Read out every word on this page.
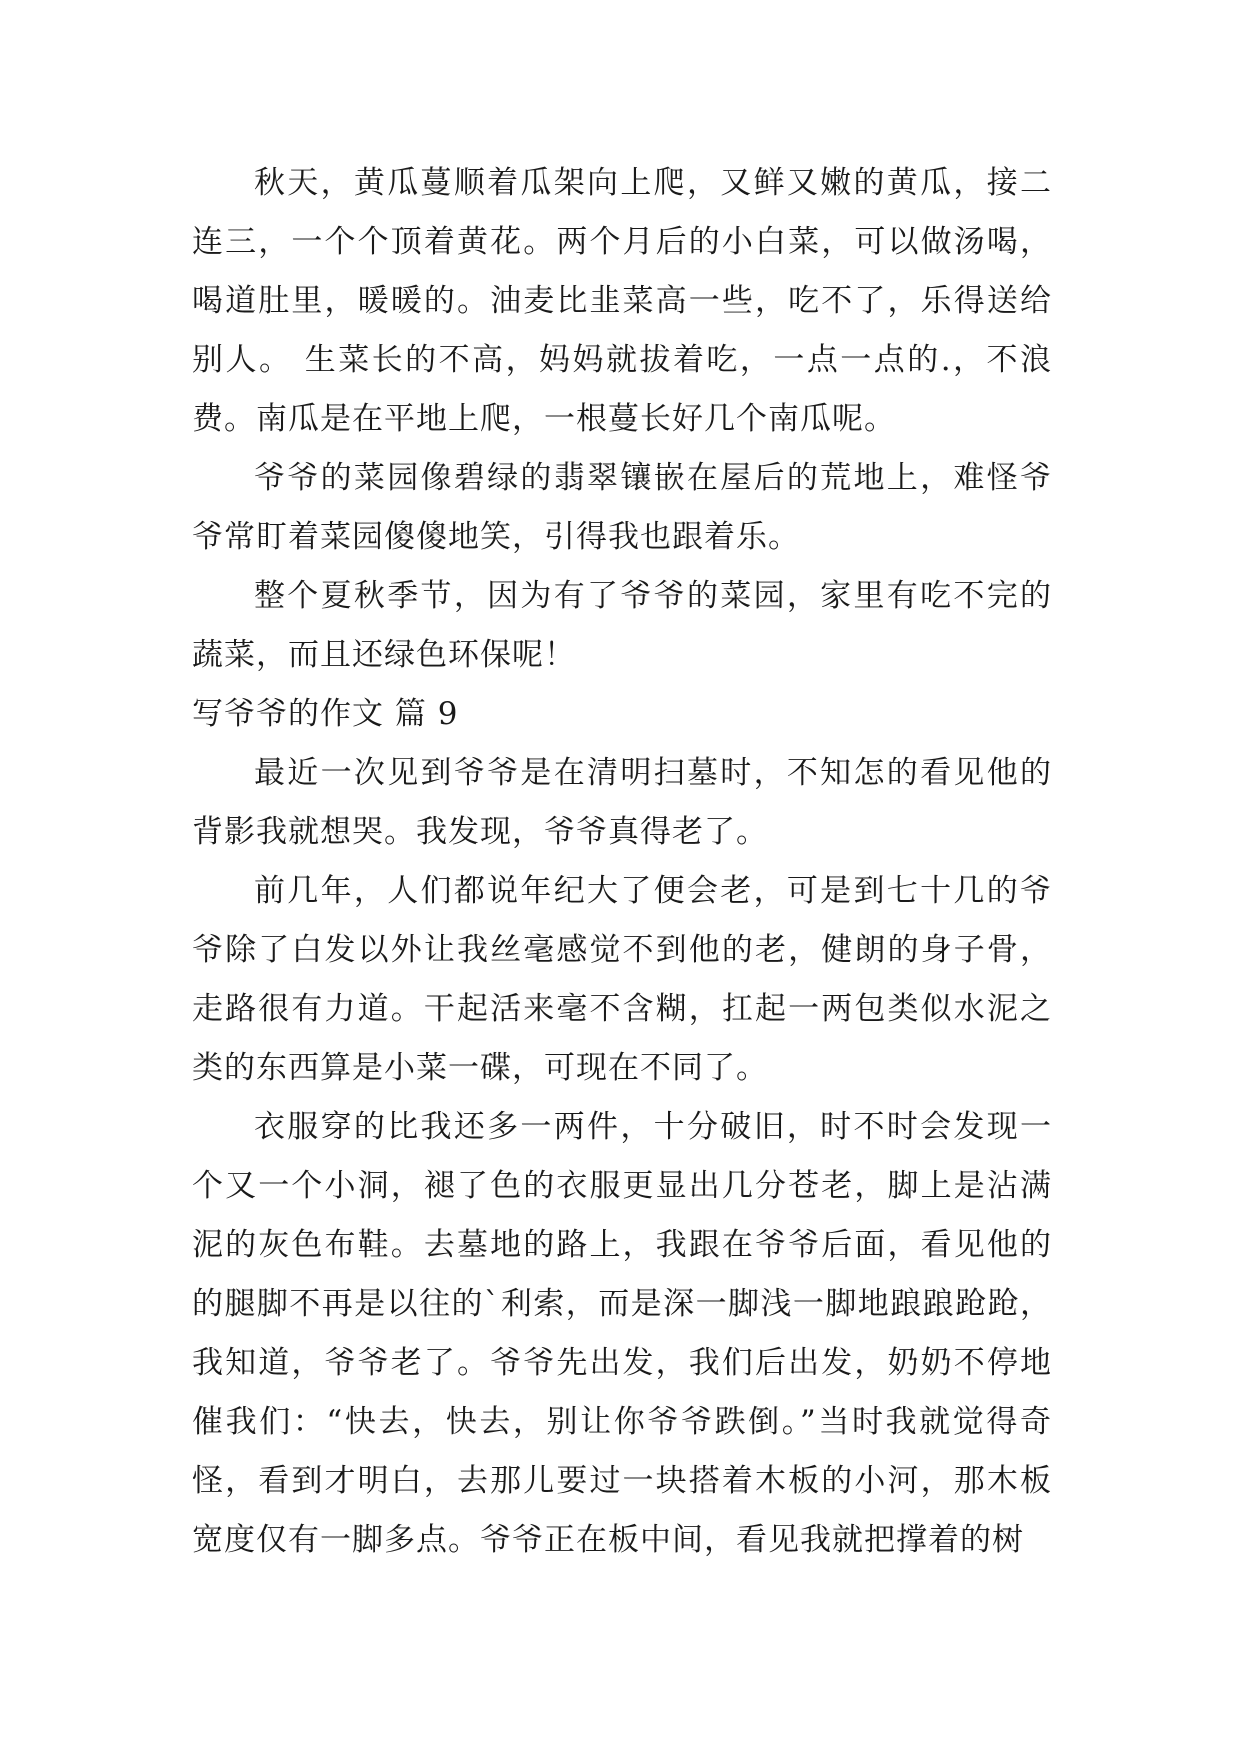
秋天，黄瓜蔓顺着瓜架向上爬，又鲜又嫩的黄瓜，接二连三，一个个顶着黄花。两个月后的小白菜，可以做汤喝，喝道肚里，暖暖的。油麦比韭菜高一些，吃不了，乐得送给别人。 生菜长的不高，妈妈就拔着吃，一点一点的.，不浪费。南瓜是在平地上爬，一根蔓长好几个南瓜呢。

爷爷的菜园像碧绿的翡翠镶嵌在屋后的荒地上，难怪爷爷常盯着菜园傻傻地笑，引得我也跟着乐。

整个夏秋季节，因为有了爷爷的菜园，家里有吃不完的蔬菜，而且还绿色环保呢！

写爷爷的作文 篇 9

最近一次见到爷爷是在清明扫墓时，不知怎的看见他的背影我就想哭。我发现，爷爷真得老了。

前几年，人们都说年纪大了便会老，可是到七十几的爷爷除了白发以外让我丝毫感觉不到他的老，健朗的身子骨，走路很有力道。干起活来毫不含糊，扛起一两包类似水泥之类的东西算是小菜一碟，可现在不同了。

衣服穿的比我还多一两件，十分破旧，时不时会发现一个又一个小洞，褪了色的衣服更显出几分苍老，脚上是沾满泥的灰色布鞋。去墓地的路上，我跟在爷爷后面，看见他的的腿脚不再是以往的`利索，而是深一脚浅一脚地踉踉跄跄，我知道，爷爷老了。爷爷先出发，我们后出发，奶奶不停地催我们：“快去，快去，别让你爷爷跌倒。”当时我就觉得奇怪，看到才明白，去那儿要过一块搭着木板的小河，那木板宽度仅有一脚多点。爷爷正在板中间，看见我就把撑着的树
